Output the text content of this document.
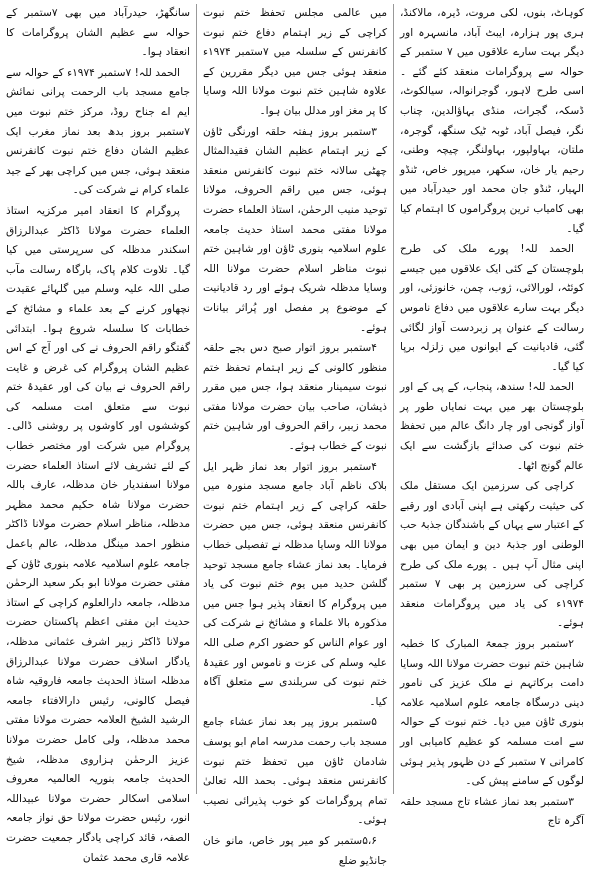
کوہاٹ، بنوں، لکی مروت، ڈیرہ، مالاکنڈ، ہری پور ہزارہ، ایبٹ آباد، مانسہرہ اور دیگر بہت سارے علاقوں میں ۷ ستمبر کے حوالہ سے پروگرامات منعقد کئے گئے ۔ اسی طرح لاہور، گوجرانوالہ، سیالکوٹ، ڈسکہ، گجرات، منڈی بہاؤالدین، چناب نگر، فیصل آباد، ٹوبہ ٹیک سنگھ، گوجرہ، ملتان، بہاولپور، بہاولنگر، چیچہ وطنی، رحیم یار خان، سکھر، میرپور خاص، ٹنڈو الہیار، ٹنڈو جان محمد اور حیدرآباد میں بھی کامیاب ترین پروگراموں کا اہتمام کیا گیا۔

الحمد للہ! پورے ملک کی طرح بلوچستان کے کئی ایک علاقوں میں جیسے کوئٹہ، لورالائی، ژوب، چمن، خانوزئی، اور دیگر بہت سارے علاقوں میں دفاع ناموس رسالت کے عنوان پر زبردست آواز لگائی گئی، قادیانیت کے ایوانوں میں زلزلہ برپا کیا گیا۔

الحمد للہ! سندھ، پنجاب، کے پی کے اور بلوچستان بھر میں بہت نمایاں طور پر آواز گونجی اور چار دانگ عالم میں تحفظ ختم نبوت کی صدائے بازگشت سے ایک عالم گونج اٹھا۔

کراچی کی سرزمین ایک مستقل ملک کی حیثیت رکھتی ہے اپنی آبادی اور رقبے کے اعتبار سے یہاں کے باشندگان جذبۂ حب الوطنی اور جذبۂ دین و ایمان میں بھی اپنی مثال آپ ہیں ۔ پورے ملک کی طرح کراچی کی سرزمین پر بھی ۷ ستمبر ۱۹۷۴ء کی یاد میں پروگرامات منعقد ہوئے۔

۲ستمبر بروز جمعۃ المبارک کا خطبہ شاہین ختم نبوت حضرت مولانا اللہ وسایا دامت برکاتہم نے ملک عزیز کی نامور دینی درسگاہ جامعہ علوم اسلامیہ علامہ بنوری ٹاؤن میں دیا۔ ختم نبوت کے حوالہ سے امت مسلمہ کو عظیم کامیابی اور کامرانی ۷ ستمبر کے دن ظہور پذیر ہوئی لوگوں کے سامنے پیش کی۔

۳ستمبر بعد نماز عشاء تاج مسجد حلقہ آگرہ تاج

میں عالمی مجلس تحفظ ختم نبوت کراچی کے زیر اہتمام دفاع ختم نبوت کانفرنس کے سلسلہ میں ۷ستمبر ۱۹۷۴ء منعقد ہوئی جس میں دیگر مقررین کے علاوہ شاہین ختم نبوت مولانا اللہ وسایا کا پر مغز اور مدلل بیان ہوا۔

۳ستمبر بروز ہفتہ حلقہ اورنگی ٹاؤن کے زیر اہتمام عظیم الشان فقیدالمثال چھٹی سالانہ ختم نبوت کانفرنس منعقد ہوئی، جس میں راقم الحروف، مولانا توحید منیب الرحمٰن، استاذ العلماء حضرت مولانا مفتی محمد استاذ حدیث جامعہ علوم اسلامیہ بنوری ٹاؤن اور شاہین ختم نبوت مناظر اسلام حضرت مولانا اللہ وسایا مدظلہ شریک ہوئے اور رد قادیانیت کے موضوع پر مفصل اور پُراثر بیانات ہوئے۔

۴ستمبر بروز اتوار صبح دس بجے حلقہ منظور کالونی کے زیر اہتمام تحفظ ختم نبوت سیمینار منعقد ہوا، جس میں مقرر ذیشان، صاحب بیان حضرت مولانا مفتی محمد زبیر، راقم الحروف اور شاہین ختم نبوت کے خطاب ہوئے۔

۴ستمبر بروز اتوار بعد نماز ظہر ایل بلاک ناظم آباد جامع مسجد منورہ میں حلقہ کراچی کے زیر اہتمام ختم نبوت کانفرنس منعقد ہوئی، جس میں حضرت مولانا اللہ وسایا مدظلہ نے تفصیلی خطاب فرمایا۔ بعد نماز عشاء جامع مسجد توحید گلشن حدید میں یوم ختم نبوت کی یاد میں پروگرام کا انعقاد پذیر ہوا جس میں مذکورہ بالا علماء و مشائخ نے شرکت کی اور عوام الناس کو حضور اکرم صلی اللہ علیہ وسلم کی عزت و ناموس اور عقیدۂ ختم نبوت کی سربلندی سے متعلق آگاہ کیا۔

۵ستمبر بروز پیر بعد نماز عشاء جامع مسجد باب رحمت مدرسہ امام ابو یوسف شادمان ٹاؤن میں تحفظ ختم نبوت کانفرنس منعقد ہوئی۔ بحمد اللہ تعالیٰ تمام پروگرامات کو خوب پذیرائی نصیب ہوئی۔

۵،۶ستمبر کو میر پور خاص، مانو خان جانڈیو ضلع

سانگھڑ، حیدرآباد میں بھی ۷ستمبر کے حوالہ سے عظیم الشان پروگرامات کا انعقاد ہوا۔

الحمد للہ! ۷ستمبر ۱۹۷۴ء کے حوالہ سے جامع مسجد باب الرحمت پرانی نمائش ایم اے جناح روڈ، مرکز ختم نبوت میں ۷ستمبر بروز بدھ بعد نماز مغرب ایک عظیم الشان دفاع ختم نبوت کانفرنس منعقد ہوئی، جس میں کراچی بھر کے جید علماء کرام نے شرکت کی۔

پروگرام کا انعقاد امیر مرکزیہ استاذ العلماء حضرت مولانا ڈاکٹر عبدالرزاق اسکندر مدظلہ کی سرپرستی میں کیا گیا۔ تلاوت کلام پاک، بارگاہ رسالت مآب صلی اللہ علیہ وسلم میں گلہائے عقیدت نچھاور کرنے کے بعد علماء و مشائخ کے خطابات کا سلسلہ شروع ہوا۔ ابتدائی گفتگو راقم الحروف نے کی اور آج کے اس عظیم الشان پروگرام کی غرض و غایت راقم الحروف نے بیان کی اور عقیدۂ ختم نبوت سے متعلق امت مسلمہ کی کوششوں اور کاوشوں پر روشنی ڈالی۔ پروگرام میں شرکت اور مختصر خطاب کے لئے تشریف لائے استاذ العلماء حضرت مولانا اسفندیار خان مدظلہ، عارف باللہ حضرت مولانا شاہ حکیم محمد مظہر مدظلہ، مناظر اسلام حضرت مولانا ڈاکٹر منظور احمد مینگل مدظلہ، عالم باعمل جامعہ علوم اسلامیہ علامہ بنوری ٹاؤن کے مفتی حضرت مولانا ابو بکر سعید الرحمٰن مدظلہ، جامعہ دارالعلوم کراچی کے استاذ حدیث ابن مفتی اعظم پاکستان حضرت مولانا ڈاکٹر زبیر اشرف عثمانی مدظلہ، یادگار اسلاف حضرت مولانا عبدالرزاق مدظلہ استاذ الحدیث جامعہ فاروقیہ شاہ فیصل کالونی، رئیس دارالافتاء جامعہ الرشید الشیخ العلامہ حضرت مولانا مفتی محمد مدظلہ، ولی کامل حضرت مولانا عزیز الرحمٰن ہزاروی مدظلہ، شیخ الحدیث جامعہ بنوریہ العالمیہ معروف اسلامی اسکالر حضرت مولانا عبیداللہ انور، رئیس حضرت مولانا حق نواز جامعہ الصفہ، قائد کراچی یادگار جمعیت حضرت علامہ قاری محمد عثمان
